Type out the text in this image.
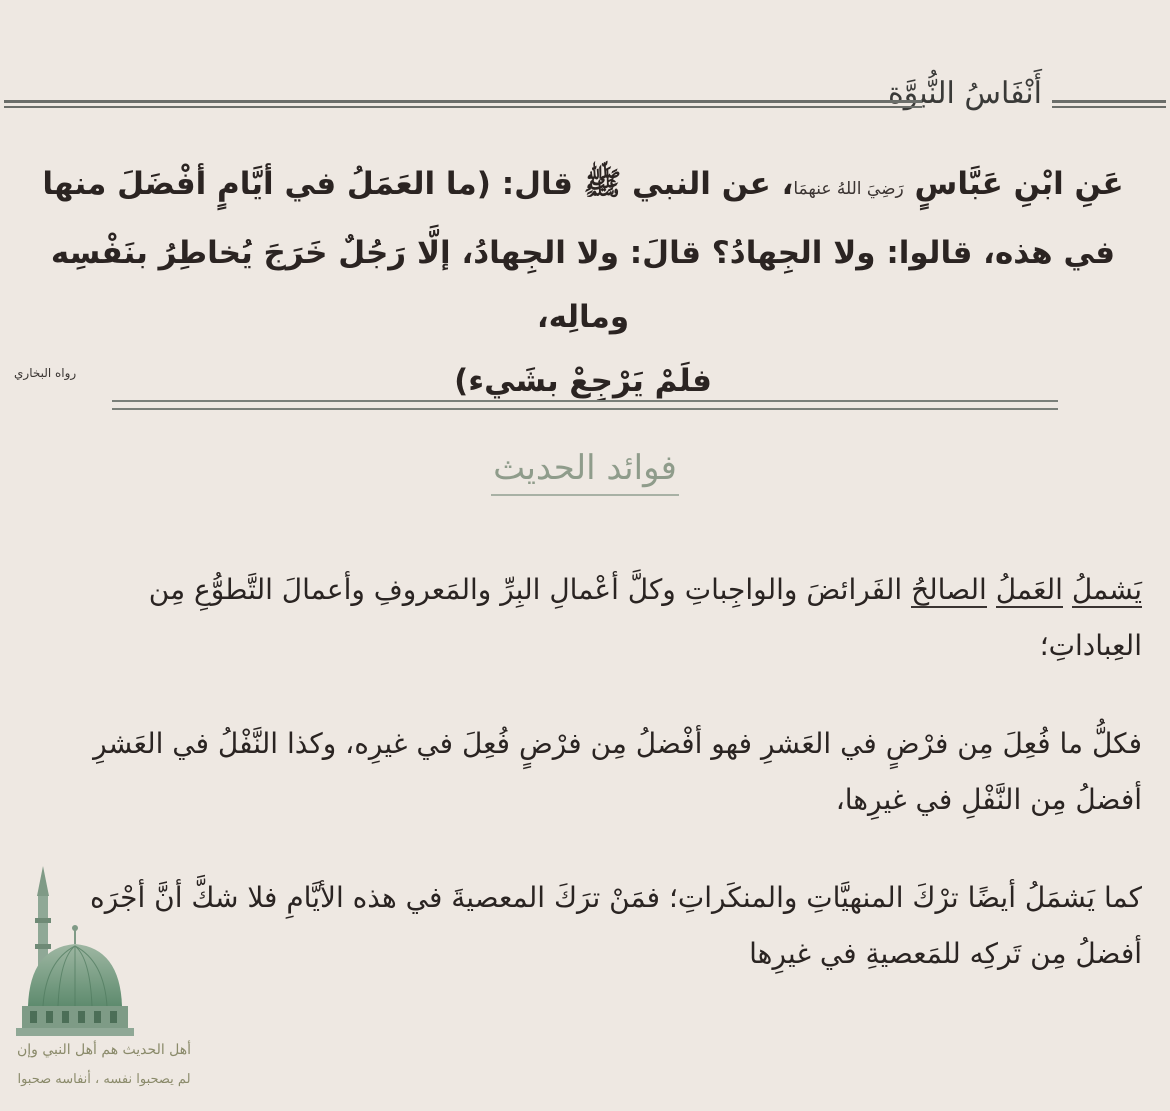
أَنْفَاسُ النُّبوَّة
عَنِ ابْنِ عَبَّاسٍ رَضِيَ اللهُ عنهمَا، عن النبي ﷺ قال: (ما العَمَلُ في أيَّامٍ أفْضَلَ منها
في هذه، قالوا: ولا الجِهادُ؟ قالَ: ولا الجِهادُ، إلَّا رَجُلٌ خَرَجَ يُخاطِرُ بنَفْسِه ومالِه،
فلَمْ يَرْجِعْ بشَيء)
رواه البخاري
فوائد الحديث
يَشملُ العَملُ الصالحُ الفَرائضَ والواجِباتِ وكلَّ أعْمالِ البِرِّ والمَعروفِ وأعمالَ التَّطوُّعِ مِن العِباداتِ؛
فكلُّ ما فُعِلَ مِن فرْضٍ في العَشرِ فهو أفْضلُ مِن فرْضٍ فُعِلَ في غيرِه، وكذا النَّفْلُ في العَشرِ أفضلُ مِن النَّفْلِ في غيرِها،
كما يَشمَلُ أيضًا ترْكَ المنهيَّاتِ والمنكَراتِ؛ فمَنْ ترَكَ المعصيةَ في هذه الأيَّامِ فلا شكَّ أنَّ أجْرَه أفضلُ مِن تَركِه للمَعصيةِ في غيرِها
أهل الحديث هم أهل النبي وإن
لم يصحبوا نفسه ، أنفاسه صحبوا
